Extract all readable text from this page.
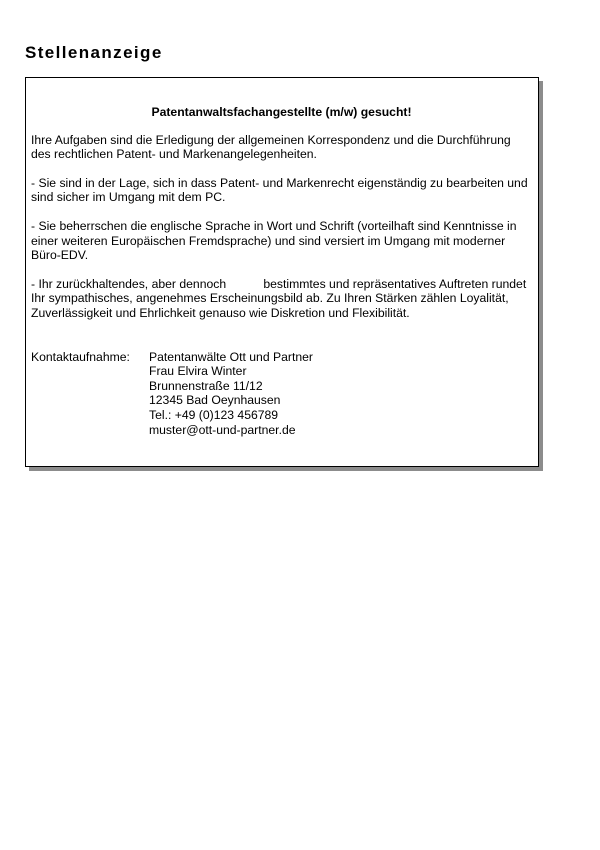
Stellenanzeige

Patentanwaltsfachangestellte (m/w) gesucht!

Ihre Aufgaben sind die Erledigung der allgemeinen Korrespondenz und die Durchführung des rechtlichen Patent- und Markenangelegenheiten.

- Sie sind in der Lage, sich in dass Patent- und Markenrecht eigenständig zu bearbeiten und sind sicher im Umgang mit dem PC.

- Sie beherrschen die englische Sprache in Wort und Schrift (vorteilhaft sind Kenntnisse in einer weiteren Europäischen Fremdsprache) und sind versiert im Umgang mit moderner Büro-EDV.

- Ihr zurückhaltendes, aber dennoch           bestimmtes und repräsentatives Auftreten rundet Ihr sympathisches, angenehmes Erscheinungsbild ab. Zu Ihren Stärken zählen Loyalität, Zuverlässigkeit und Ehrlichkeit genauso wie Diskretion und Flexibilität.

Kontaktaufnahme:	Patentanwälte Ott und Partner
Frau Elvira Winter
Brunnenstraße 11/12
12345 Bad Oeynhausen
Tel.: +49 (0)123 456789
muster@ott-und-partner.de
